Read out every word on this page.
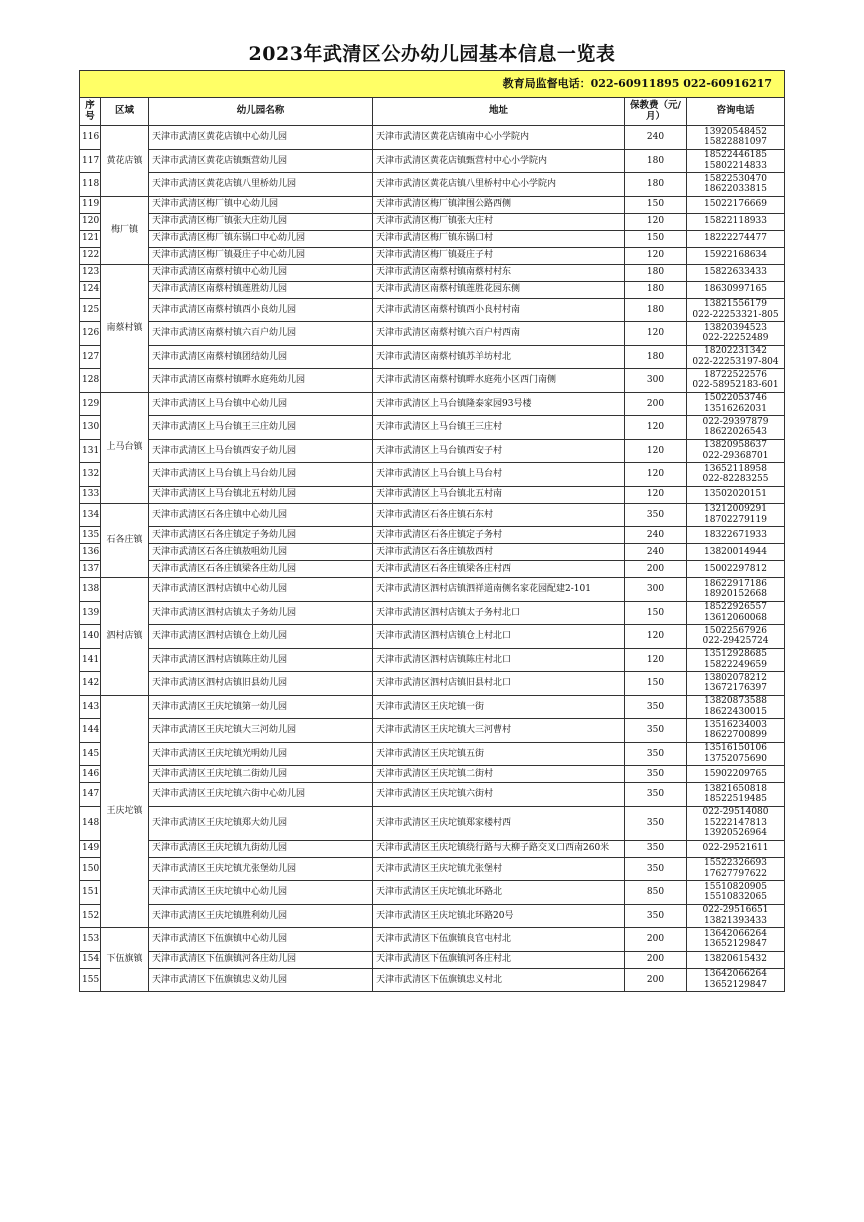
2023年武清区公办幼儿园基本信息一览表
教育局监督电话：022-60911895 022-60916217					
序号	区域	幼儿园名称	地址	保教费（元/月）	咨询电话
116	黄花店镇	天津市武清区黄花店镇中心幼儿园	天津市武清区黄花店镇南中心小学院内	240	13920548452
15822881097

117		天津市武清区黄花店镇甄营幼儿园	天津市武清区黄花店镇甄营村中心小学院内	180	18522446185
15802214833

118		天津市武清区黄花店镇八里桥幼儿园	天津市武清区黄花店镇八里桥村中心小学院内	180	15822530470
18622033815

119	梅厂镇	天津市武清区梅厂镇中心幼儿园	天津市武清区梅厂镇津围公路西侧	150	15022176669

120		天津市武清区梅厂镇张大庄幼儿园	天津市武清区梅厂镇张大庄村	120	15822118933

121		天津市武清区梅厂镇东锅口中心幼儿园	天津市武清区梅厂镇东锅口村	150	18222274477

122		天津市武清区梅厂镇聂庄子中心幼儿园	天津市武清区梅厂镇聂庄子村	120	15922168634

123	南蔡村镇	天津市武清区南蔡村镇中心幼儿园	天津市武清区南蔡村镇南蔡村村东	180	15822633433

124		天津市武清区南蔡村镇莲胜幼儿园	天津市武清区南蔡村镇莲胜花园东侧	180	18630997165

125		天津市武清区南蔡村镇西小良幼儿园	天津市武清区南蔡村镇西小良村村南	180	13821556179
022-22253321-805

126		天津市武清区南蔡村镇六百户幼儿园	天津市武清区南蔡村镇六百户村西南	120	13820394523
022-22252489

127		天津市武清区南蔡村镇团结幼儿园	天津市武清区南蔡村镇苏羊坊村北	180	18202231342
022-22253197-804

128		天津市武清区南蔡村镇畔水庭苑幼儿园	天津市武清区南蔡村镇畔水庭苑小区西门南侧	300	18722522576
022-58952183-601

129	上马台镇	天津市武清区上马台镇中心幼儿园	天津市武清区上马台镇隆泰家园93号楼	200	15022053746
13516262031

130		天津市武清区上马台镇王三庄幼儿园	天津市武清区上马台镇王三庄村	120	022-29397879
18622026543

131		天津市武清区上马台镇西安子幼儿园	天津市武清区上马台镇西安子村	120	13820958637
022-29368701

132		天津市武清区上马台镇上马台幼儿园	天津市武清区上马台镇上马台村	120	13652118958
022-82283255

133		天津市武清区上马台镇北五村幼儿园	天津市武清区上马台镇北五村南	120	13502020151

134	石各庄镇	天津市武清区石各庄镇中心幼儿园	天津市武清区石各庄镇石东村	350	13212009291
18702279119

135		天津市武清区石各庄镇定子务幼儿园	天津市武清区石各庄镇定子务村	240	18322671933

136		天津市武清区石各庄镇敖咀幼儿园	天津市武清区石各庄镇敖西村	240	13820014944

137		天津市武清区石各庄镇梁各庄幼儿园	天津市武清区石各庄镇梁各庄村西	200	15002297812

138	泗村店镇	天津市武清区泗村店镇中心幼儿园	天津市武清区泗村店镇泗祥道南侧名家花园配建2-101	300	18622917186
18920152668

139		天津市武清区泗村店镇太子务幼儿园	天津市武清区泗村店镇太子务村北口	150	18522926557
13612060068

140		天津市武清区泗村店镇仓上幼儿园	天津市武清区泗村店镇仓上村北口	120	15022567926
022-29425724

141		天津市武清区泗村店镇陈庄幼儿园	天津市武清区泗村店镇陈庄村北口	120	13512928685
15822249659

142		天津市武清区泗村店镇旧县幼儿园	天津市武清区泗村店镇旧县村北口	150	13802078212
13672176397

143	王庆坨镇	天津市武清区王庆坨镇第一幼儿园	天津市武清区王庆坨镇一街	350	13820873588
18622430015

144		天津市武清区王庆坨镇大三河幼儿园	天津市武清区王庆坨镇大三河曹村	350	13516234003
18622700899

145		天津市武清区王庆坨镇光明幼儿园	天津市武清区王庆坨镇五街	350	13516150106
13752075690

146		天津市武清区王庆坨镇二街幼儿园	天津市武清区王庆坨镇二街村	350	15902209765

147		天津市武清区王庆坨镇六街中心幼儿园	天津市武清区王庆坨镇六街村	350	13821650818
18522519485

148		天津市武清区王庆坨镇郑大幼儿园	天津市武清区王庆坨镇郑家楼村西	350	022-29514080
15222147813
13920526964

149		天津市武清区王庆坨镇九街幼儿园	天津市武清区王庆坨镇绕行路与大柳子路交叉口西南260米	350	022-29521611

150		天津市武清区王庆坨镇尤张堡幼儿园	天津市武清区王庆坨镇尤张堡村	350	15522326693
17627797622

151		天津市武清区王庆坨镇中心幼儿园	天津市武清区王庆坨镇北环路北	850	15510820905
15510832065

152		天津市武清区王庆坨镇胜利幼儿园	天津市武清区王庆坨镇北环路20号	350	022-29516651
13821393433

153	下伍旗镇	天津市武清区下伍旗镇中心幼儿园	天津市武清区下伍旗镇良官屯村北	200	13642066264
13652129847

154		天津市武清区下伍旗镇河各庄幼儿园	天津市武清区下伍旗镇河各庄村北	200	13820615432

155		天津市武清区下伍旗镇忠义幼儿园	天津市武清区下伍旗镇忠义村北	200	13642066264
13652129847
